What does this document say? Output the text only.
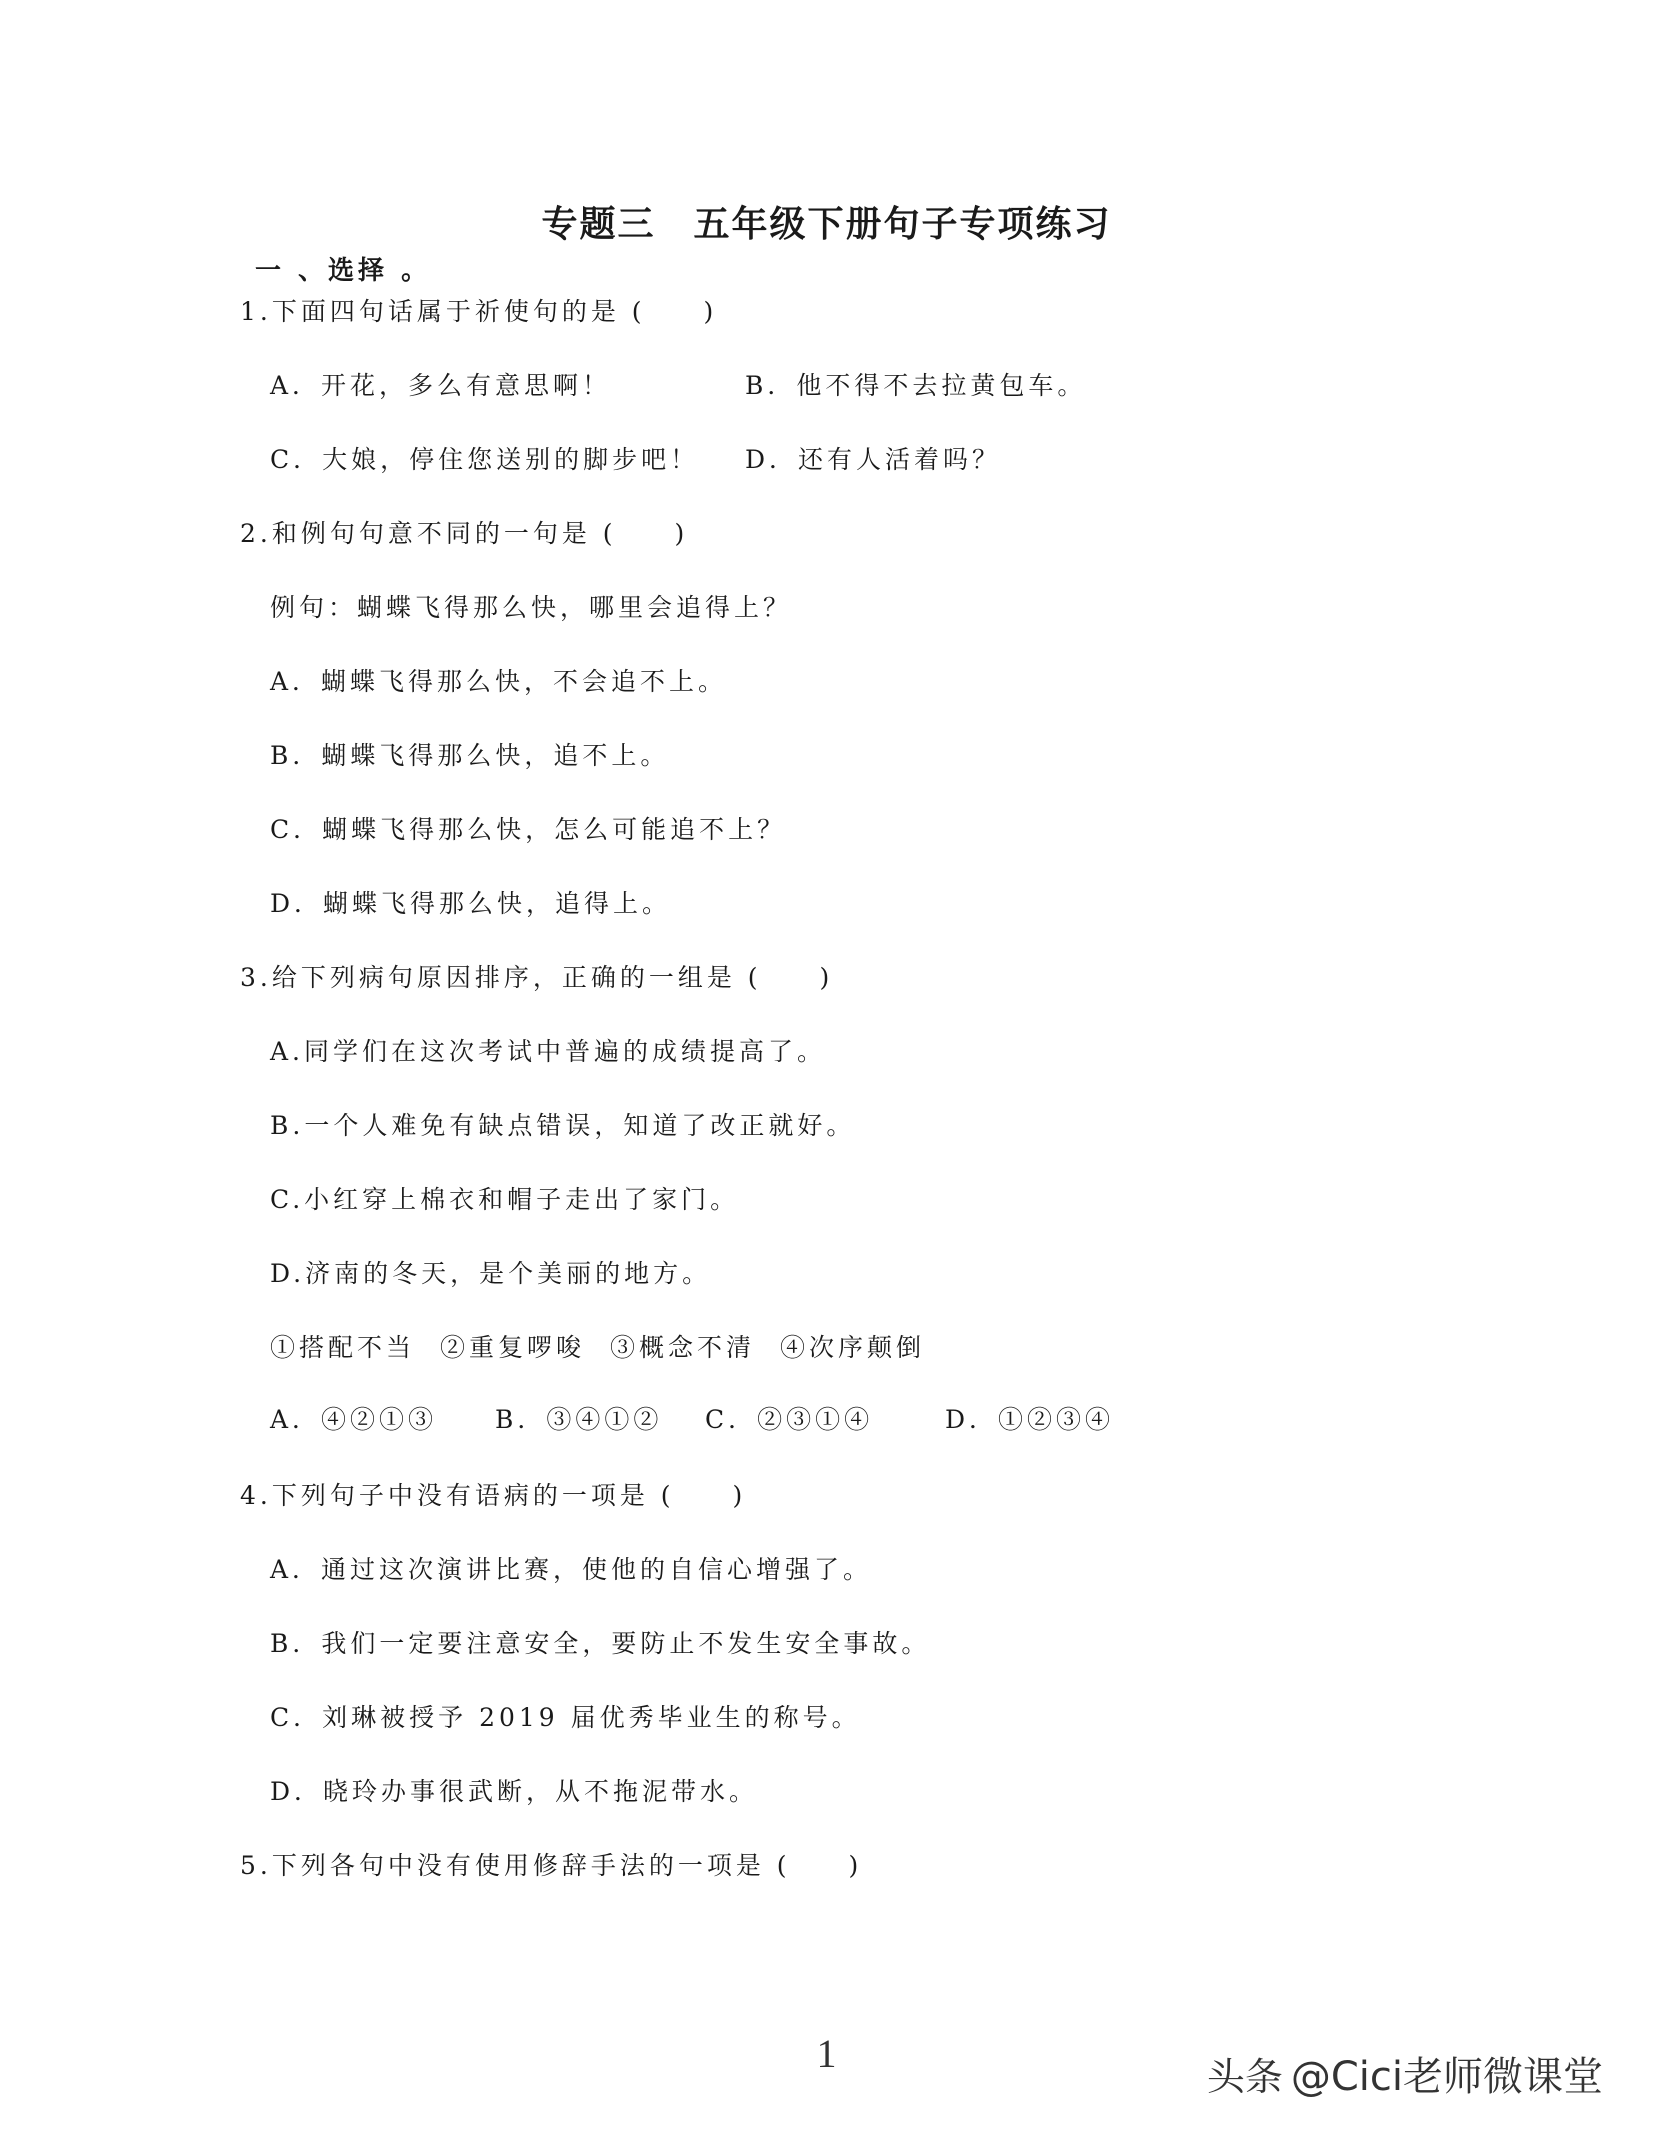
专题三　五年级下册句子专项练习
一 、选择 。
1.下面四句话属于祈使句的是 (　　)
A．开花，多么有意思啊！	B．他不得不去拉黄包车。
C．大娘，停住您送别的脚步吧！ D．还有人活着吗？
2.和例句句意不同的一句是 (　　)
例句：蝴蝶飞得那么快，哪里会追得上？
A．蝴蝶飞得那么快，不会追不上。
B．蝴蝶飞得那么快，追不上。
C．蝴蝶飞得那么快，怎么可能追不上？
D．蝴蝶飞得那么快，追得上。
3.给下列病句原因排序，正确的一组是 (　　)
A.同学们在这次考试中普遍的成绩提高了。
B.一个人难免有缺点错误，知道了改正就好。
C.小红穿上棉衣和帽子走出了家门。
D.济南的冬天，是个美丽的地方。
①搭配不当 ②重复啰唆 ③概念不清 ④次序颠倒
A．④②①③ B．③④①② C．②③①④	D．①②③④
4.下列句子中没有语病的一项是 (　　)
A．通过这次演讲比赛，使他的自信心增强了。
B．我们一定要注意安全，要防止不发生安全事故。
C．刘琳被授予 2019 届优秀毕业生的称号。
D．晓玲办事很武断，从不拖泥带水。
5.下列各句中没有使用修辞手法的一项是 (　　)
1
头条 @Cici老师微课堂
